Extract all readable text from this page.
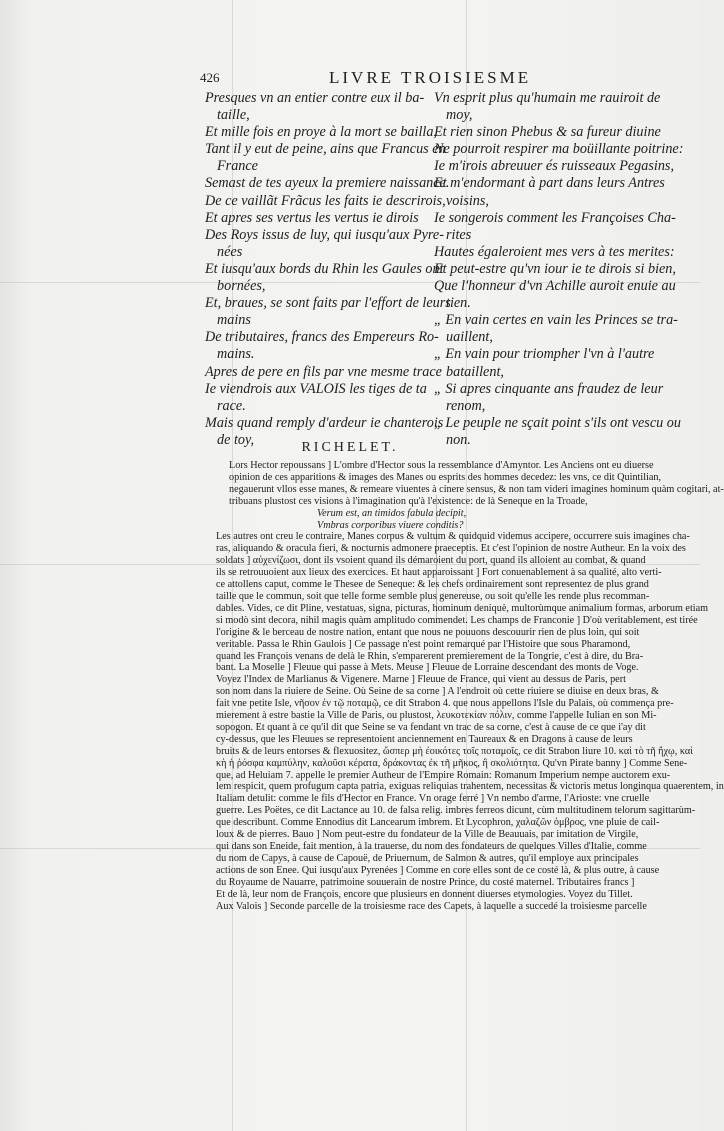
426	LIVRE TROISIESME
Presques vn an entier contre eux il ba-
taille,
Et mille fois en proye à la mort se bailla,
Tant il y eut de peine, ains que Francus en
France
Semast de tes ayeux la premiere naissance.
De ce vaillãt Frãcus les faits ie descrirois,
Et apres ses vertus les vertus ie dirois
Des Roys issus de luy, qui iusqu'aux Pyre-
nées
Et iusqu'aux bords du Rhin les Gaules ont
bornées,
Et, braues, se sont faits par l'effort de leurs
mains
De tributaires, francs des Empereurs Ro-
mains.
Apres de pere en fils par vne mesme trace
Ie viendrois aux VALOIS les tiges de ta
race.
Mais quand remply d'ardeur ie chanterois
de toy,
Vn esprit plus qu'humain me rauiroit de
moy,
Et rien sinon Phebus & sa fureur diuine
Ne pourroit respirer ma boüillante poitrine:
Ie m'irois abreuuer és ruisseaux Pegasins,
Et m'endormant à part dans leurs Antres
voisins,
Ie songerois comment les Françoises Cha-
rites
Hautes égaleroient mes vers à tes merites:
Et peut-estre qu'vn iour ie te dirois si bien,
Que l'honneur d'vn Achille auroit enuie au
tien.
„ En vain certes en vain les Princes se tra-
uaillent,
„ En vain pour triompher l'vn à l'autre
bataillent,
„ Si apres cinquante ans fraudez de leur
renom,
„ Le peuple ne sçait point s'ils ont vescu ou
non.
RICHELET.
Lors Hector repoussans ] L'ombre d'Hector sous la ressemblance d'Amyntor. Les Anciens ont eu diuerse
opinion de ces apparitions & images des Manes ou esprits des hommes decedez: les vns, ce dit Quintilian,
negauerunt vllos esse manes, & remeare viuentes à cinere sensus, & non tam videri imagines hominum quàm cogitari, at-
tribuans plustost ces visions à l'imagination qu'à l'existence: de là Seneque en la Troade,
Verum est, an timidos fabula decipit,
Vmbras corporibus viuere conditis?
Les autres ont creu le contraire, Manes corpus & vultum & quidquid videmus accipere, occurrere suis imagines cha-
ras, aliquando & oracula fieri, & nocturnis admonere praeceptis. Et c'est l'opinion de nostre Autheur. En la voix des
soldats ] αὐχενίζωσι, dont ils vsoient quand ils démaroient du port, quand ils alloient au combat, & quand
ils se retrouuoient aux lieux des exercices. Et haut apparoissant ] Fort conuenablement à sa qualité, alto verti-
ce attollens caput, comme le Thesee de Seneque: & les chefs ordinairement sont representez de plus grand
taille que le commun, soit que telle forme semble plus genereuse, ou soit qu'elle les rende plus recomman-
dables. Vides, ce dit Pline, vestatuas, signa, picturas, hominum deniquè, multorùmque animalium formas, arborum etiam
si modò sint decora, nihil magis quàm amplitudo commendet. Les champs de Franconie ] D'où veritablement, est tirée
l'origine & le berceau de nostre nation, entant que nous ne pouuons descouurir rien de plus loin, qui soit
veritable. Passa le Rhin Gaulois ] Ce passage n'est point remarqué par l'Histoire que sous Pharamond,
quand les François venans de delà le Rhin, s'emparerent premierement de la Tongrie, c'est à dire, du Bra-
bant. La Moselle ] Fleuue qui passe à Mets. Meuse ] Fleuue de Lorraine descendant des monts de Voge.
Voyez l'Index de Marlianus & Vigenere. Marne ] Fleuue de France, qui vient au dessus de Paris, pert
son nom dans la riuiere de Seine. Où Seine de sa corne ] A l'endroit où cette riuiere se diuise en deux bras, &
fait vne petite Isle, νῆσον ἐν τῷ ποταμῷ, ce dit Strabon 4. que nous appellons l'Isle du Palais, où commença pre-
mierement à estre bastie la Ville de Paris, ou plustost, λευκοτεκίαν πόλιν, comme l'appelle Iulian en son Mi-
sopogon. Et quant à ce qu'il dit que Seine se va fendant vn trac de sa corne, c'est à cause de ce que i'ay dit
cy-dessus, que les Fleuues se representoient anciennement en Taureaux & en Dragons à cause de leurs
bruits & de leurs entorses & flexuositez, ὥσπερ μὴ ἐοικότες τοῖς ποταμοῖς, ce dit Strabon liure 10. καὶ τὸ τῆ ἤχῳ, καὶ
κὴ ἡ ῥόσφα καμπύλην, καλοῦσι κέρατα, δράκοντας ἐκ τῆ μῆκος, ἢ σκολιότητα. Qu'vn Pirate banny ] Comme Sene-
que, ad Heluiam 7. appelle le premier Autheur de l'Empire Romain: Romanum Imperium nempe auctorem exu-
lem respicit, quem profugum capta patria, exiguas reliquias trahentem, necessitas & victoris metus longinqua quaerentem, in
Italiam detulit: comme le fils d'Hector en France. Vn orage ferré ] Vn nembo d'arme, l'Arioste: vne cruelle
guerre. Les Poëtes, ce dit Lactance au 10. de falsa relig. imbres ferreos dicunt, cùm multitudinem telorum sagittarùm-
que describunt. Comme Ennodius dit Lancearum imbrem. Et Lycophron, χαλαζῶν ὀμβρος, vne pluie de cail-
loux & de pierres. Bauo ] Nom peut-estre du fondateur de la Ville de Beauuais, par imitation de Virgile,
qui dans son Eneide, fait mention, à la trauerse, du nom des fondateurs de quelques Villes d'Italie, comme
du nom de Capys, à cause de Capouë, de Priuernum, de Salmon & autres, qu'il employe aux principales
actions de son Enee. Qui iusqu'aux Pyrenées ] Comme en core elles sont de ce costé là, & plus outre, à cause
du Royaume de Nauarre, patrimoine souuerain de nostre Prince, du costé maternel. Tributaires francs ]
Et de là, leur nom de François, encore que plusieurs en donnent diuerses etymologies. Voyez du Tillet.
Aux Valois ] Seconde parcelle de la troisiesme race des Capets, à laquelle a succedé la troisiesme parcelle
